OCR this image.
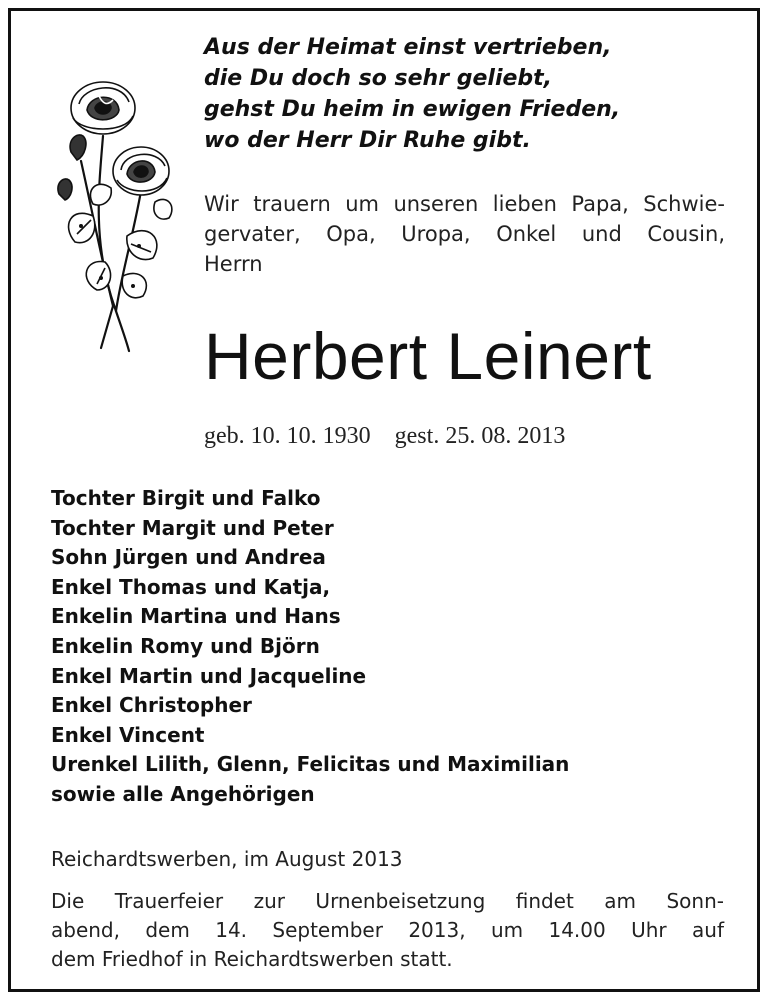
Aus der Heimat einst vertrieben,
die Du doch so sehr geliebt,
gehst Du heim in ewigen Frieden,
wo der Herr Dir Ruhe gibt.
Wir trauern um unseren lieben Papa, Schwie-
gervater, Opa, Uropa, Onkel und Cousin,
Herrn
Herbert Leinert
geb. 10. 10. 1930 gest. 25. 08. 2013
Tochter Birgit und Falko
Tochter Margit und Peter
Sohn Jürgen und Andrea
Enkel Thomas und Katja,
Enkelin Martina und Hans
Enkelin Romy und Björn
Enkel Martin und Jacqueline
Enkel Christopher
Enkel Vincent
Urenkel Lilith, Glenn, Felicitas und Maximilian
sowie alle Angehörigen
Reichardtswerben, im August 2013
Die Trauerfeier zur Urnenbeisetzung findet am Sonn-
abend, dem 14. September 2013, um 14.00 Uhr auf
dem Friedhof in Reichardtswerben statt.
